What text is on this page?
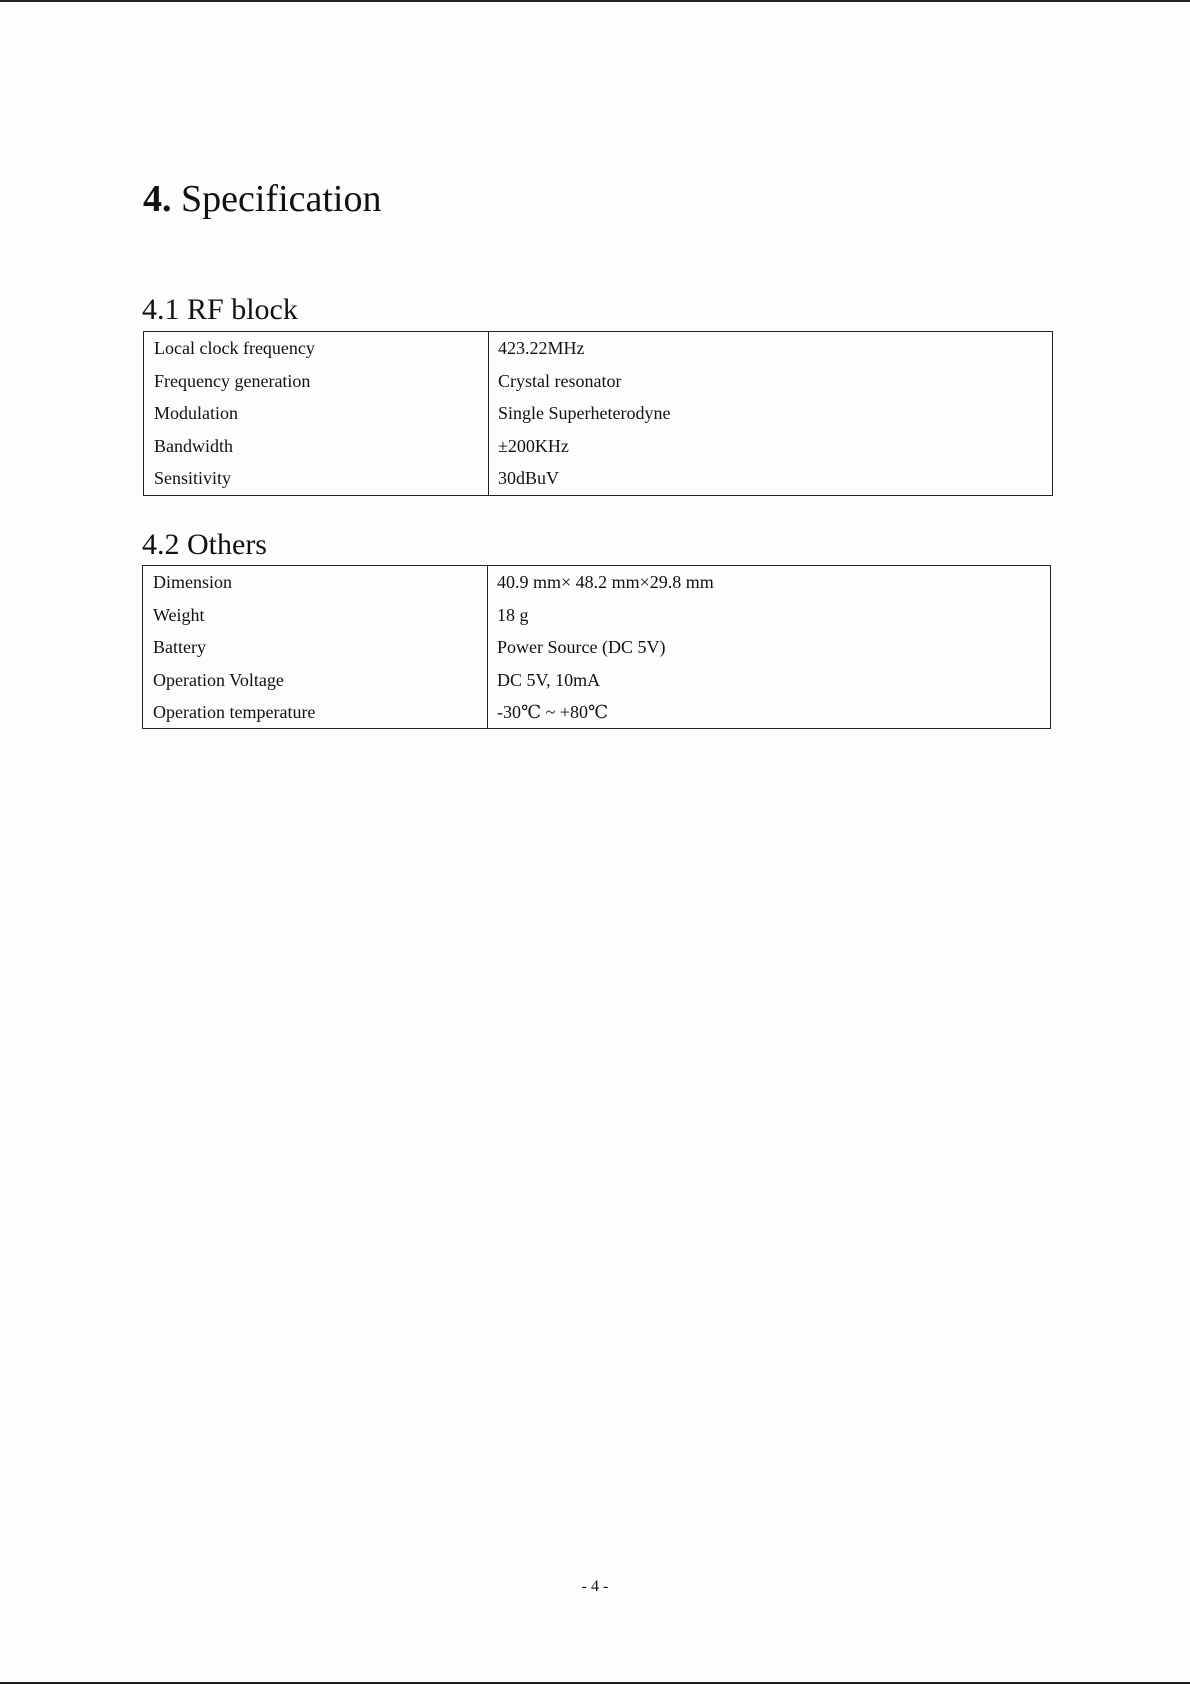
4. Specification
4.1 RF block
Local clock frequency
Frequency generation
Modulation
Bandwidth
Sensitivity
423.22MHz
Crystal resonator
Single Superheterodyne
±200KHz
30dBuV
4.2 Others
Dimension
Weight
Battery
Operation Voltage
Operation temperature
40.9 mm× 48.2 mm×29.8 mm
18 g
Power Source (DC 5V)
DC 5V, 10mA
-30℃ ~ +80℃
- 4 -
